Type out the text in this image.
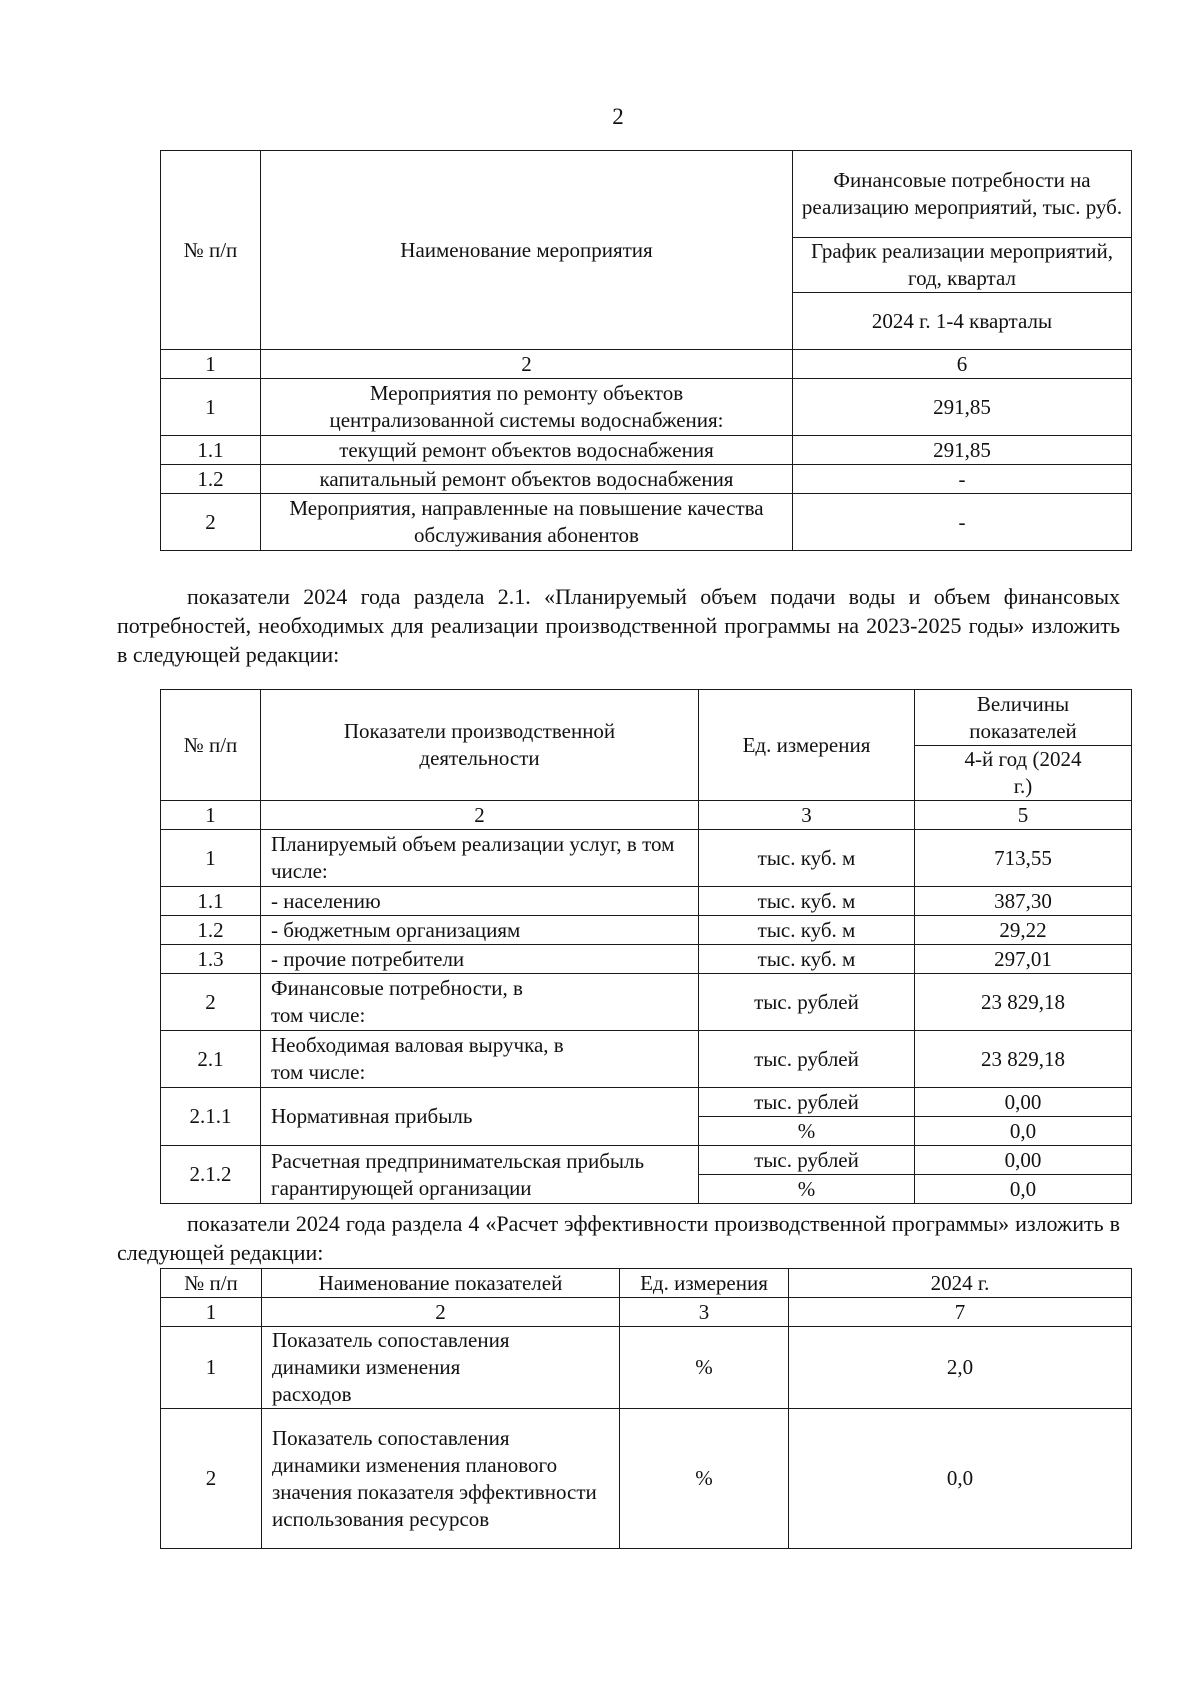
2
№ п/п	Наименование мероприятия	Финансовые потребности на реализацию мероприятий, тыс. руб.
		График реализации мероприятий, год, квартал
		2024 г. 1-4 кварталы
1	2	6
1	Мероприятия по ремонту объектов централизованной системы водоснабжения:	291,85
1.1	текущий ремонт объектов водоснабжения	291,85
1.2	капитальный ремонт объектов водоснабжения	-
2	Мероприятия, направленные на повышение качества обслуживания абонентов	-
показатели 2024 года раздела 2.1. «Планируемый объем подачи воды и объем финансовых потребностей, необходимых для реализации производственной программы на 2023-2025 годы» изложить в следующей редакции:
№ п/п	Показатели производственной деятельности	Ед. измерения	Величины показателей
			4-й год (2024 г.)
1	2	3	5
1	Планируемый объем реализации услуг, в том числе:	тыс. куб. м	713,55
1.1	- населению	тыс. куб. м	387,30
1.2	- бюджетным организациям	тыс. куб. м	29,22
1.3	- прочие потребители	тыс. куб. м	297,01
2	Финансовые потребности, в том числе:	тыс. рублей	23 829,18
2.1	Необходимая валовая выручка, в том числе:	тыс. рублей	23 829,18
2.1.1	Нормативная прибыль	тыс. рублей	0,00
		%	0,0
2.1.2	Расчетная предпринимательская прибыль гарантирующей организации	тыс. рублей	0,00
		%	0,0
показатели 2024 года раздела 4 «Расчет эффективности производственной программы» изложить в следующей редакции:
№ п/п	Наименование показателей	Ед. измерения	2024 г.
1	2	3	7
1	Показатель сопоставления динамики изменения расходов	%	2,0
2	Показатель сопоставления динамики изменения планового значения показателя эффективности использования ресурсов	%	0,0
